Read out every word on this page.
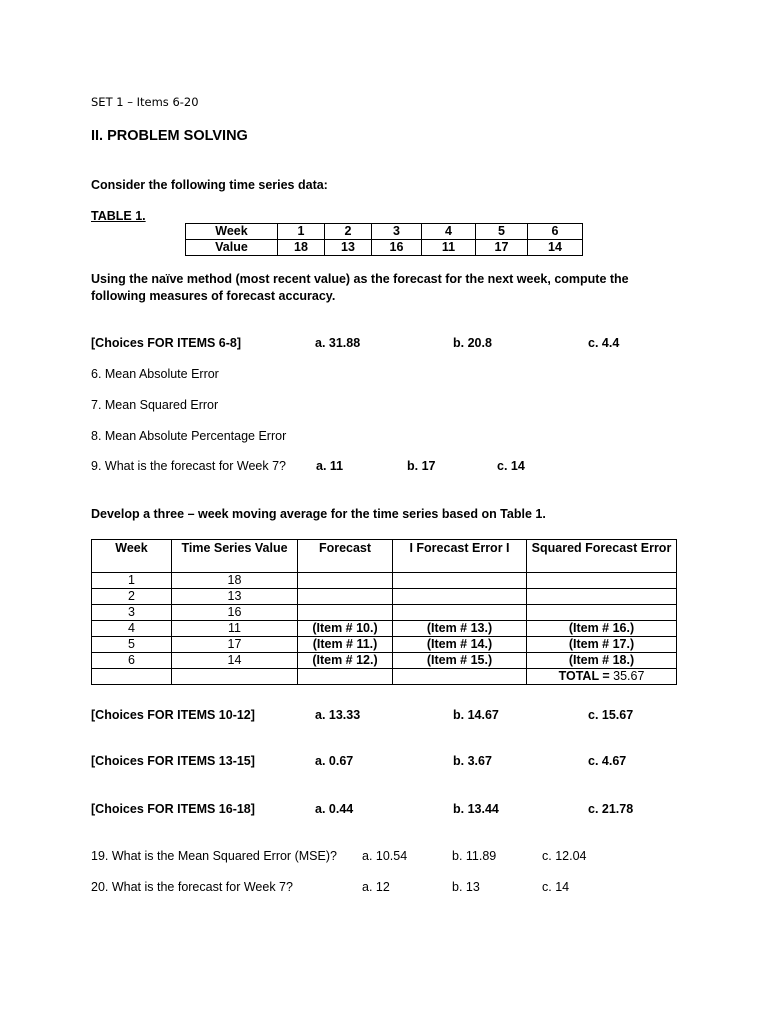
SET 1 – Items 6-20
II. PROBLEM SOLVING
Consider the following time series data:
TABLE 1.
Week	1	2	3	4	5	6
Value	18	13	16	11	17	14
Using the naïve method (most recent value) as the forecast for the next week, compute the
following measures of forecast accuracy.
[Choices FOR ITEMS 6-8]	a. 31.88	b. 20.8	c. 4.4
6. Mean Absolute Error
7. Mean Squared Error
8. Mean Absolute Percentage Error
9. What is the forecast for Week 7? a. 11	b. 17	c. 14
Develop a three – week moving average for the time series based on Table 1.
Week	Time Series Value	Forecast	I Forecast Error I	Squared Forecast Error
1	18			
2	13			
3	16			
4	11	(Item # 10.)	(Item # 13.)	(Item # 16.)
5	17	(Item # 11.)	(Item # 14.)	(Item # 17.)
6	14	(Item # 12.)	(Item # 15.)	(Item # 18.)
				TOTAL = 35.67
[Choices FOR ITEMS 10-12]	a. 13.33	b. 14.67	c. 15.67
[Choices FOR ITEMS 13-15]	a. 0.67	b. 3.67	c. 4.67
[Choices FOR ITEMS 16-18]	a. 0.44	b. 13.44	c. 21.78
19. What is the Mean Squared Error (MSE)? a. 10.54	b. 11.89	c. 12.04
20. What is the forecast for Week 7?	a. 12	b. 13	c. 14
